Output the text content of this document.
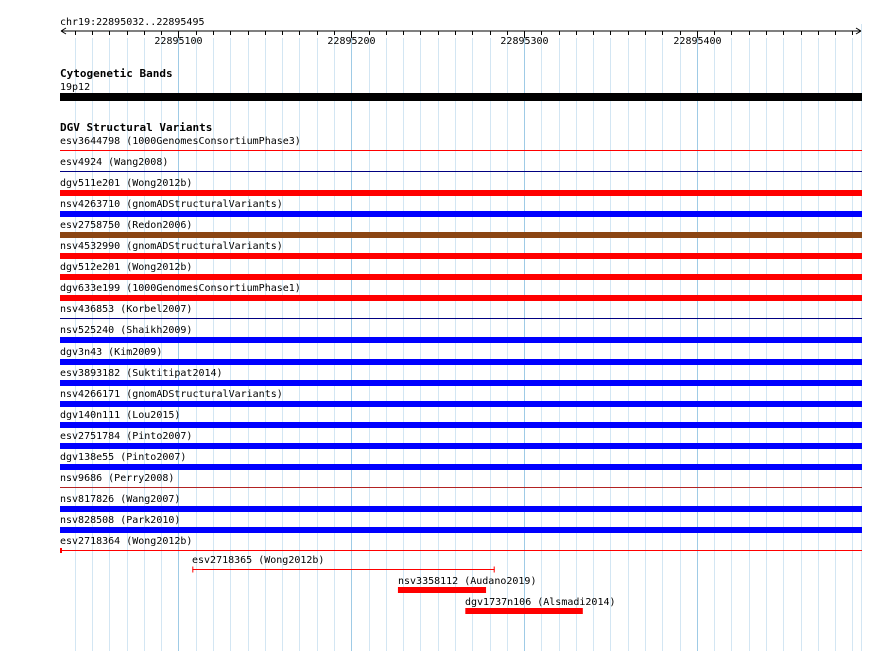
chr19:22895032..22895495
22895100	22895200	22895300	22895400
Cytogenetic Bands
19p12
DGV Structural Variants
esv3644798 (1000GenomesConsortiumPhase3)
esv4924 (Wang2008)
dgv511e201 (Wong2012b)
nsv4263710 (gnomADStructuralVariants)
esv2758750 (Redon2006)
nsv4532990 (gnomADStructuralVariants)
dgv512e201 (Wong2012b)
dgv633e199 (1000GenomesConsortiumPhase1)
nsv436853 (Korbel2007)
nsv525240 (Shaikh2009)
dgv3n43 (Kim2009)
esv3893182 (Suktitipat2014)
nsv4266171 (gnomADStructuralVariants)
dgv140n111 (Lou2015)
esv2751784 (Pinto2007)
dgv138e55 (Pinto2007)
nsv9686 (Perry2008)
nsv817826 (Wang2007)
nsv828508 (Park2010)
esv2718364 (Wong2012b)
esv2718365 (Wong2012b)
nsv3358112 (Audano2019)
dgv1737n106 (Alsmadi2014)
